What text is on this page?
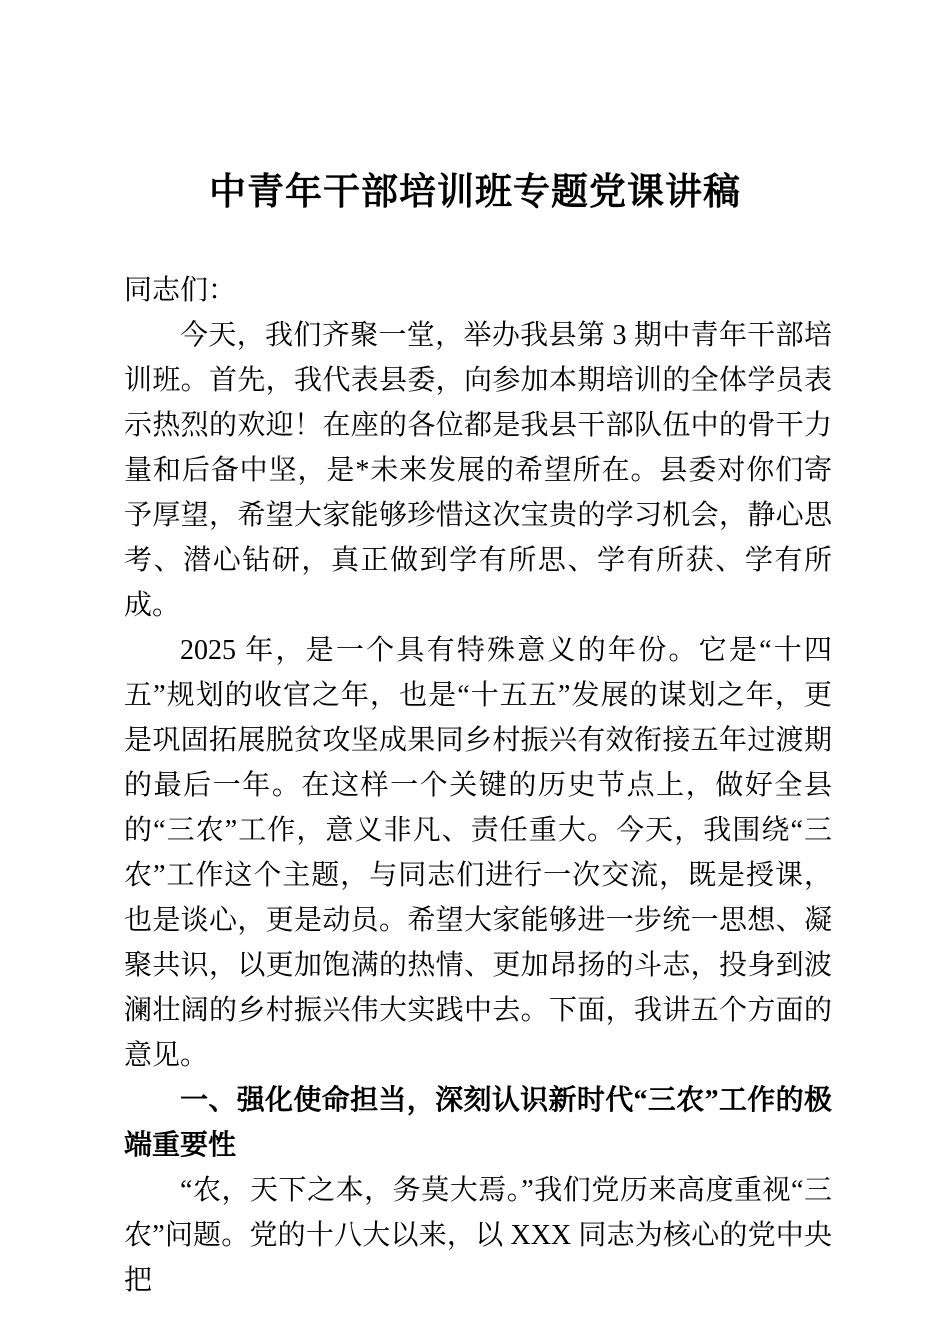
中青年干部培训班专题党课讲稿

同志们：

今天，我们齐聚一堂，举办我县第 3 期中青年干部培训班。首先，我代表县委，向参加本期培训的全体学员表示热烈的欢迎！在座的各位都是我县干部队伍中的骨干力量和后备中坚，是*未来发展的希望所在。县委对你们寄予厚望，希望大家能够珍惜这次宝贵的学习机会，静心思考、潜心钻研，真正做到学有所思、学有所获、学有所成。

2025 年，是一个具有特殊意义的年份。它是“十四五”规划的收官之年，也是“十五五”发展的谋划之年，更是巩固拓展脱贫攻坚成果同乡村振兴有效衔接五年过渡期的最后一年。在这样一个关键的历史节点上，做好全县的“三农”工作，意义非凡、责任重大。今天，我围绕“三农”工作这个主题，与同志们进行一次交流，既是授课，也是谈心，更是动员。希望大家能够进一步统一思想、凝聚共识，以更加饱满的热情、更加昂扬的斗志，投身到波澜壮阔的乡村振兴伟大实践中去。下面，我讲五个方面的意见。

一、强化使命担当，深刻认识新时代“三农”工作的极端重要性

“农，天下之本，务莫大焉。”我们党历来高度重视“三农”问题。党的十八大以来，以 XXX 同志为核心的党中央把
